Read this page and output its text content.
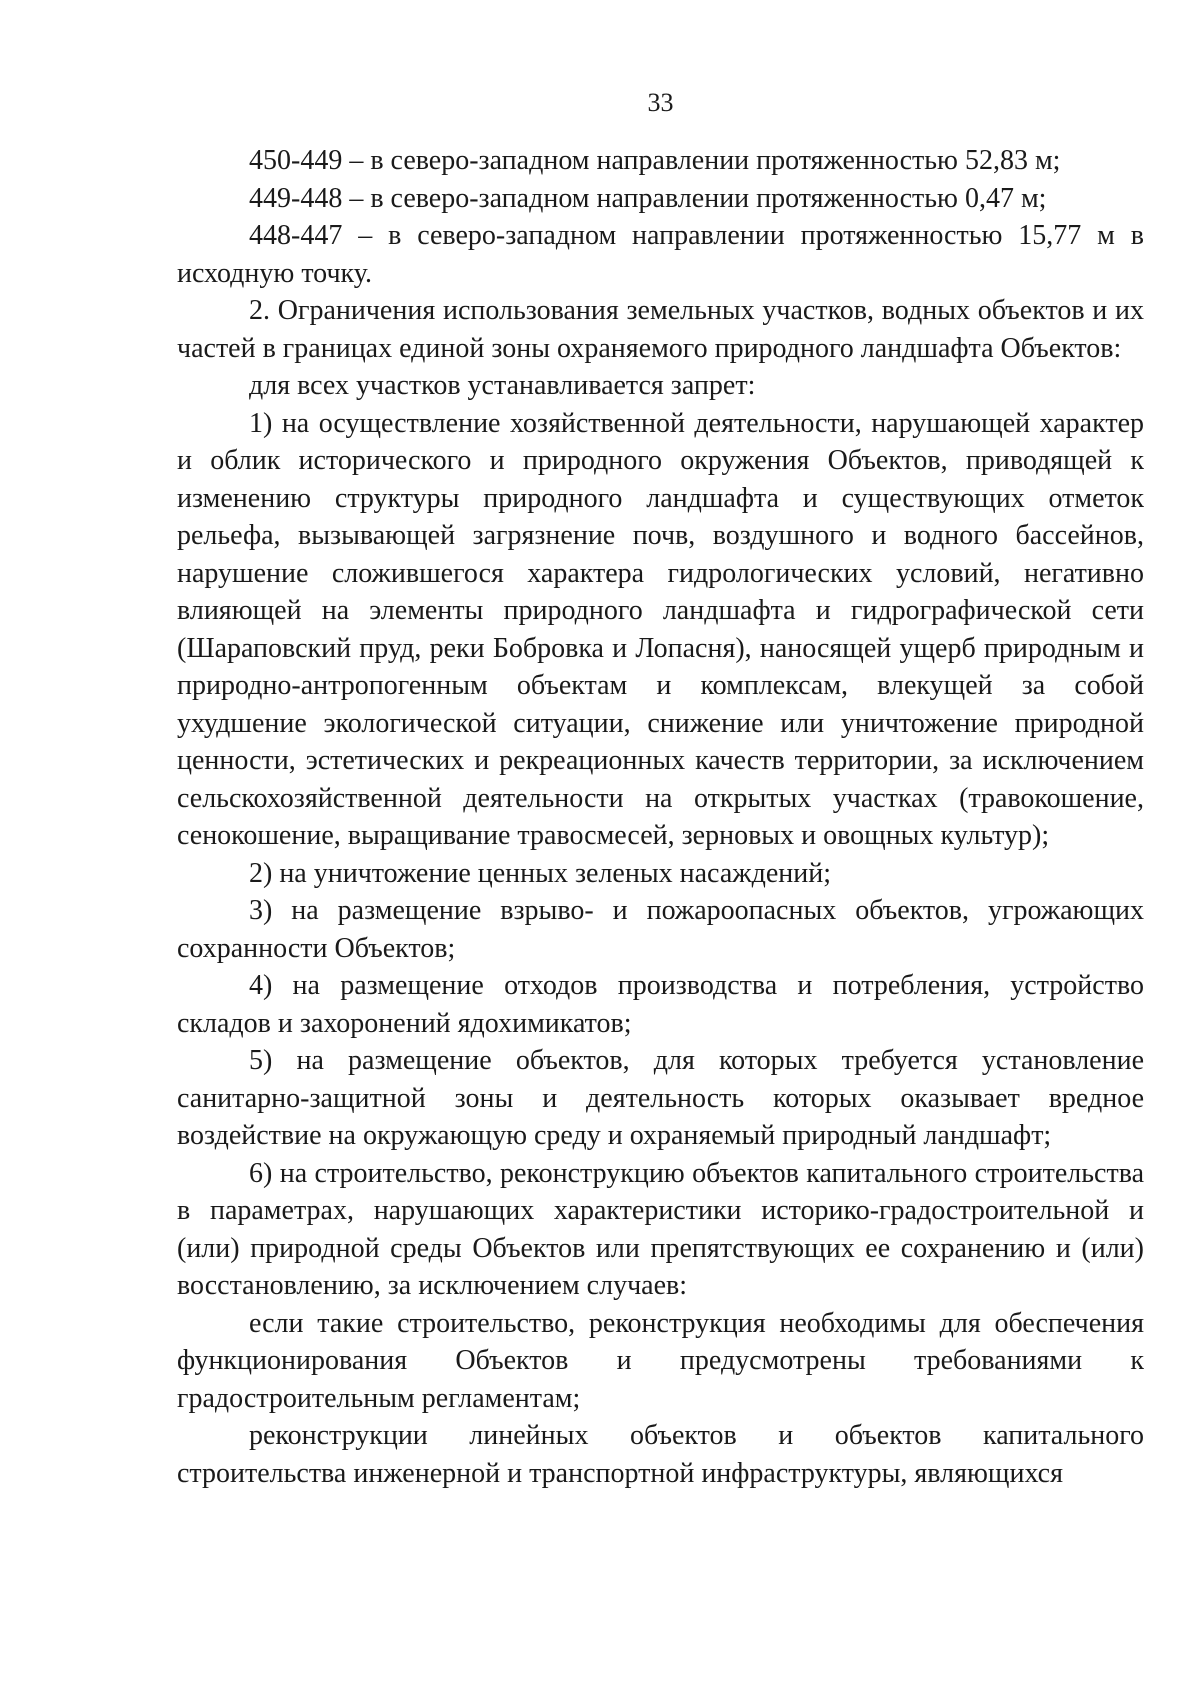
33

450-449 – в северо-западном направлении протяженностью 52,83 м;

449-448 – в северо-западном направлении протяженностью 0,47 м;

448-447 – в северо-западном направлении протяженностью 15,77 м в исходную точку.

2. Ограничения использования земельных участков, водных объектов и их частей в границах единой зоны охраняемого природного ландшафта Объектов:

для всех участков устанавливается запрет:

1) на осуществление хозяйственной деятельности, нарушающей характер и облик исторического и природного окружения Объектов, приводящей к изменению структуры природного ландшафта и существующих отметок рельефа, вызывающей загрязнение почв, воздушного и водного бассейнов, нарушение сложившегося характера гидрологических условий, негативно влияющей на элементы природного ландшафта и гидрографической сети (Шараповский пруд, реки Бобровка и Лопасня), наносящей ущерб природным и природно-антропогенным объектам и комплексам, влекущей за собой ухудшение экологической ситуации, снижение или уничтожение природной ценности, эстетических и рекреационных качеств территории, за исключением сельскохозяйственной деятельности на открытых участках (травокошение, сенокошение, выращивание травосмесей, зерновых и овощных культур);

2) на уничтожение ценных зеленых насаждений;

3) на размещение взрыво- и пожароопасных объектов, угрожающих сохранности Объектов;

4) на размещение отходов производства и потребления, устройство складов и захоронений ядохимикатов;

5) на размещение объектов, для которых требуется установление санитарно-защитной зоны и деятельность которых оказывает вредное воздействие на окружающую среду и охраняемый природный ландшафт;

6) на строительство, реконструкцию объектов капитального строительства в параметрах, нарушающих характеристики историко-градостроительной и (или) природной среды Объектов или препятствующих ее сохранению и (или) восстановлению, за исключением случаев:

если такие строительство, реконструкция необходимы для обеспечения функционирования Объектов и предусмотрены требованиями к градостроительным регламентам;

реконструкции линейных объектов и объектов капитального строительства инженерной и транспортной инфраструктуры, являющихся
